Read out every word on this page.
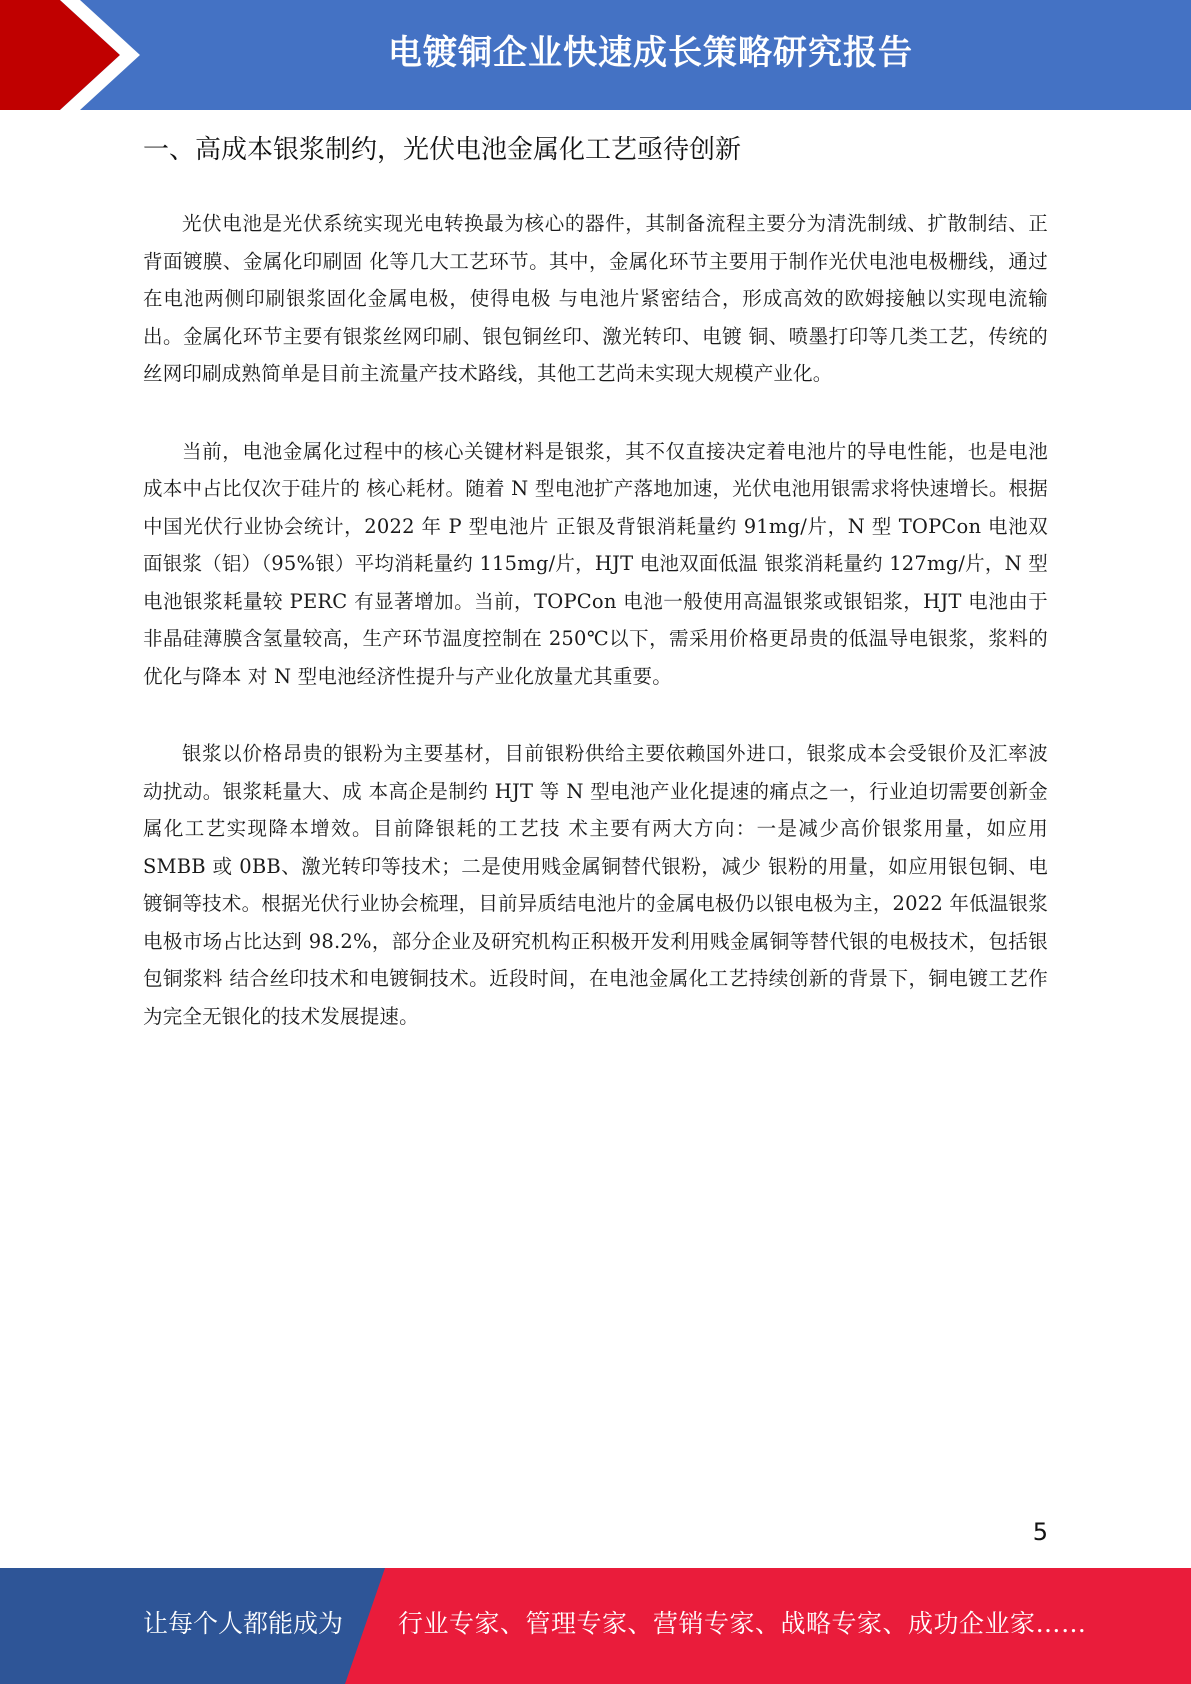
电镀铜企业快速成长策略研究报告
一、高成本银浆制约，光伏电池金属化工艺亟待创新

光伏电池是光伏系统实现光电转换最为核心的器件，其制备流程主要分为清洗制绒、扩散制结、正背面镀膜、金属化印刷固 化等几大工艺环节。其中，金属化环节主要用于制作光伏电池电极栅线，通过在电池两侧印刷银浆固化金属电极，使得电极 与电池片紧密结合，形成高效的欧姆接触以实现电流输出。金属化环节主要有银浆丝网印刷、银包铜丝印、激光转印、电镀 铜、喷墨打印等几类工艺，传统的丝网印刷成熟简单是目前主流量产技术路线，其他工艺尚未实现大规模产业化。

当前，电池金属化过程中的核心关键材料是银浆，其不仅直接决定着电池片的导电性能，也是电池成本中占比仅次于硅片的 核心耗材。随着 N 型电池扩产落地加速，光伏电池用银需求将快速增长。根据中国光伏行业协会统计，2022 年 P 型电池片 正银及背银消耗量约 91mg/片，N 型 TOPCon 电池双面银浆（铝）（95%银）平均消耗量约 115mg/片，HJT 电池双面低温 银浆消耗量约 127mg/片，N 型电池银浆耗量较 PERC 有显著增加。当前，TOPCon 电池一般使用高温银浆或银铝浆，HJT 电池由于非晶硅薄膜含氢量较高，生产环节温度控制在 250℃以下，需采用价格更昂贵的低温导电银浆，浆料的优化与降本 对 N 型电池经济性提升与产业化放量尤其重要。

银浆以价格昂贵的银粉为主要基材，目前银粉供给主要依赖国外进口，银浆成本会受银价及汇率波动扰动。银浆耗量大、成 本高企是制约 HJT 等 N 型电池产业化提速的痛点之一，行业迫切需要创新金属化工艺实现降本增效。目前降银耗的工艺技 术主要有两大方向：一是减少高价银浆用量，如应用 SMBB 或 0BB、激光转印等技术；二是使用贱金属铜替代银粉，减少 银粉的用量，如应用银包铜、电镀铜等技术。根据光伏行业协会梳理，目前异质结电池片的金属电极仍以银电极为主，2022 年低温银浆电极市场占比达到 98.2%，部分企业及研究机构正积极开发利用贱金属铜等替代银的电极技术，包括银包铜浆料 结合丝印技术和电镀铜技术。近段时间，在电池金属化工艺持续创新的背景下，铜电镀工艺作为完全无银化的技术发展提速。

5
让每个人都能成为 行业专家、管理专家、营销专家、战略专家、成功企业家……
